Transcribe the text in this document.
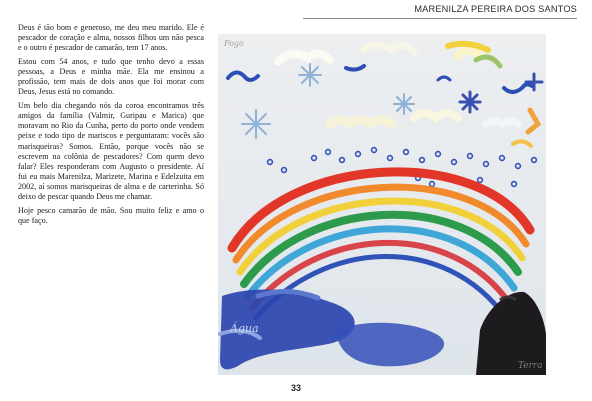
MARENILZA PEREIRA DOS SANTOS

Deus é tão bom e generoso, me deu meu marido. Ele é pescador de coração e alma, nossos filhos um não pesca e o outro é pescador de camarão, tem 17 anos.

Estou com 54 anos, e tudo que tenho devo a essas pessoas, a Deus e minha mãe. Ela me ensinou a profissão, tem mais de dois anos que foi morar com Deus, Jesus está no comando.

Um belo dia chegando nós da coroa encontramos três amigos da família (Valmir, Guripau e Marica) que moravam no Rio da Cunha, perto do porto onde vendem peixe e todo tipo de mariscos e perguntaram: vocês são marisqueiras? Somos. Então, porque vocês não se escrevem na colônia de pescadores? Com quem devo falar? Eles responderam com Augusto o presidente. Aí fui eu mais Marenilza, Marizete, Marina e Edelzuita em 2002, aí somos marisqueiras de alma e de carterinha. Só deixo de pescar quando Deus me chamar.

Hoje pesco camarão de mão. Sou muito feliz e amo o que faço.

Água
Terra
Fogo
33
